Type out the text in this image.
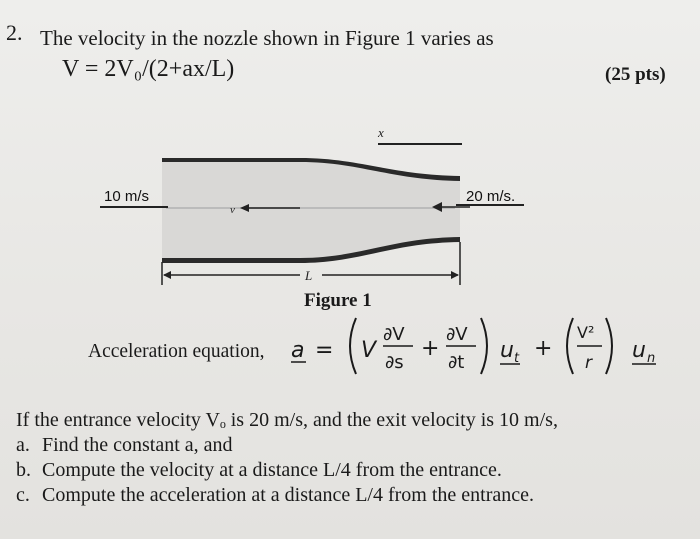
2. The velocity in the nozzle shown in Figure 1 varies as
V = 2V₀/(2+ax/L)	(25 pts)
x
10 m/s	20 m/s.
v
L
Figure 1
Acceleration equation, a = V
∂V
∂s
+
∂V
∂t u t +
V²
r u n
If the entrance velocity Vₒ is 20 m/s, and the exit velocity is 10 m/s,
a. Find the constant a, and
b. Compute the velocity at a distance L/4 from the entrance.
c. Compute the acceleration at a distance L/4 from the entrance.
